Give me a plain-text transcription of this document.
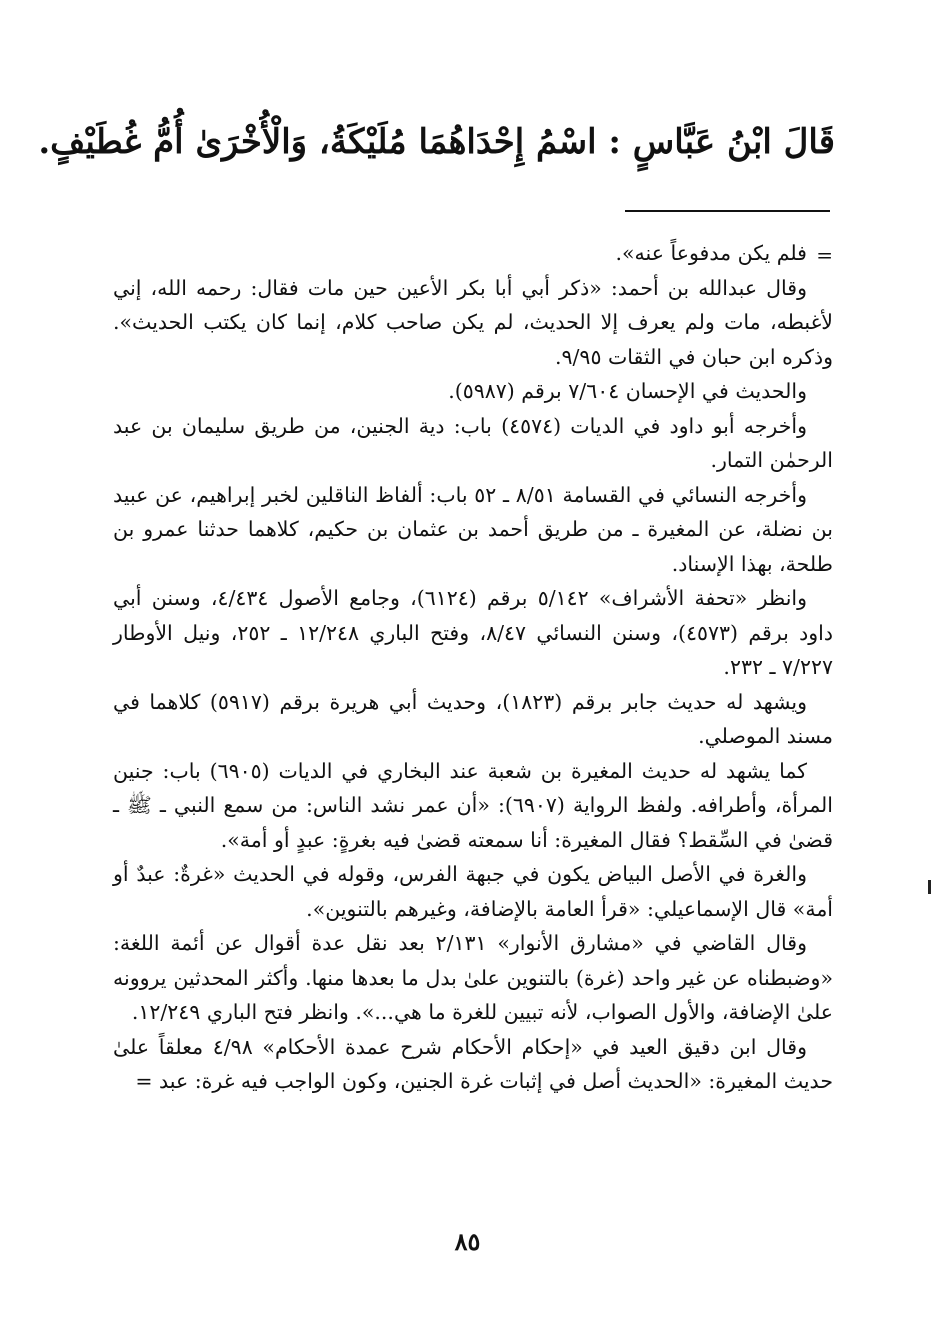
قَالَ ابْنُ عَبَّاسٍ : اسْمُ إِحْدَاهُمَا مُلَيْكَةُ، وَالْأُخْرَىٰ أُمُّ غُطَيْفٍ.
=

فلم يكن مدفوعاً عنه».

وقال عبدالله بن أحمد: «ذكر أبي أبا بكر الأعين حين مات فقال: رحمه الله، إني لأغبطه، مات ولم يعرف إلا الحديث، لم يكن صاحب كلام، إنما كان يكتب الحديث». وذكره ابن حبان في الثقات ٩/٩٥.

والحديث في الإحسان ٧/٦٠٤ برقم (٥٩٨٧).

وأخرجه أبو داود في الديات (٤٥٧٤) باب: دية الجنين، من طريق سليمان بن عبد الرحمٰن التمار.

وأخرجه النسائي في القسامة ٨/٥١ ـ ٥٢ باب: ألفاظ الناقلين لخبر إبراهيم، عن عبيد بن نضلة، عن المغيرة ـ من طريق أحمد بن عثمان بن حكيم، كلاهما حدثنا عمرو بن طلحة، بهذا الإسناد.

وانظر «تحفة الأشراف» ٥/١٤٢ برقم (٦١٢٤)، وجامع الأصول ٤/٤٣٤، وسنن أبي داود برقم (٤٥٧٣)، وسنن النسائي ٨/٤٧، وفتح الباري ١٢/٢٤٨ ـ ٢٥٢، ونيل الأوطار ٧/٢٢٧ ـ ٢٣٢.

ويشهد له حديث جابر برقم (١٨٢٣)، وحديث أبي هريرة برقم (٥٩١٧) كلاهما في مسند الموصلي.

كما يشهد له حديث المغيرة بن شعبة عند البخاري في الديات (٦٩٠٥) باب: جنين المرأة، وأطرافه. ولفظ الرواية (٦٩٠٧): «أن عمر نشد الناس: من سمع النبي ـ ﷺ ـ قضىٰ في السِّقط؟ فقال المغيرة: أنا سمعته قضىٰ فيه بغرةٍ: عبدٍ أو أمة».

والغرة في الأصل البياض يكون في جبهة الفرس، وقوله في الحديث «غرةٌ: عبدٌ أو أمة» قال الإسماعيلي: «قرأ العامة بالإضافة، وغيرهم بالتنوين».

وقال القاضي في «مشارق الأنوار» ٢/١٣١ بعد نقل عدة أقوال عن أئمة اللغة: «وضبطناه عن غير واحد (غرة) بالتنوين علىٰ بدل ما بعدها منها. وأكثر المحدثين يروونه علىٰ الإضافة، والأول الصواب، لأنه تبيين للغرة ما هي...». وانظر فتح الباري ١٢/٢٤٩.

وقال ابن دقيق العيد في «إحكام الأحكام شرح عمدة الأحكام» ٤/٩٨ معلقاً علىٰ حديث المغيرة: «الحديث أصل في إثبات غرة الجنين، وكون الواجب فيه غرة: عبد =

٨٥
